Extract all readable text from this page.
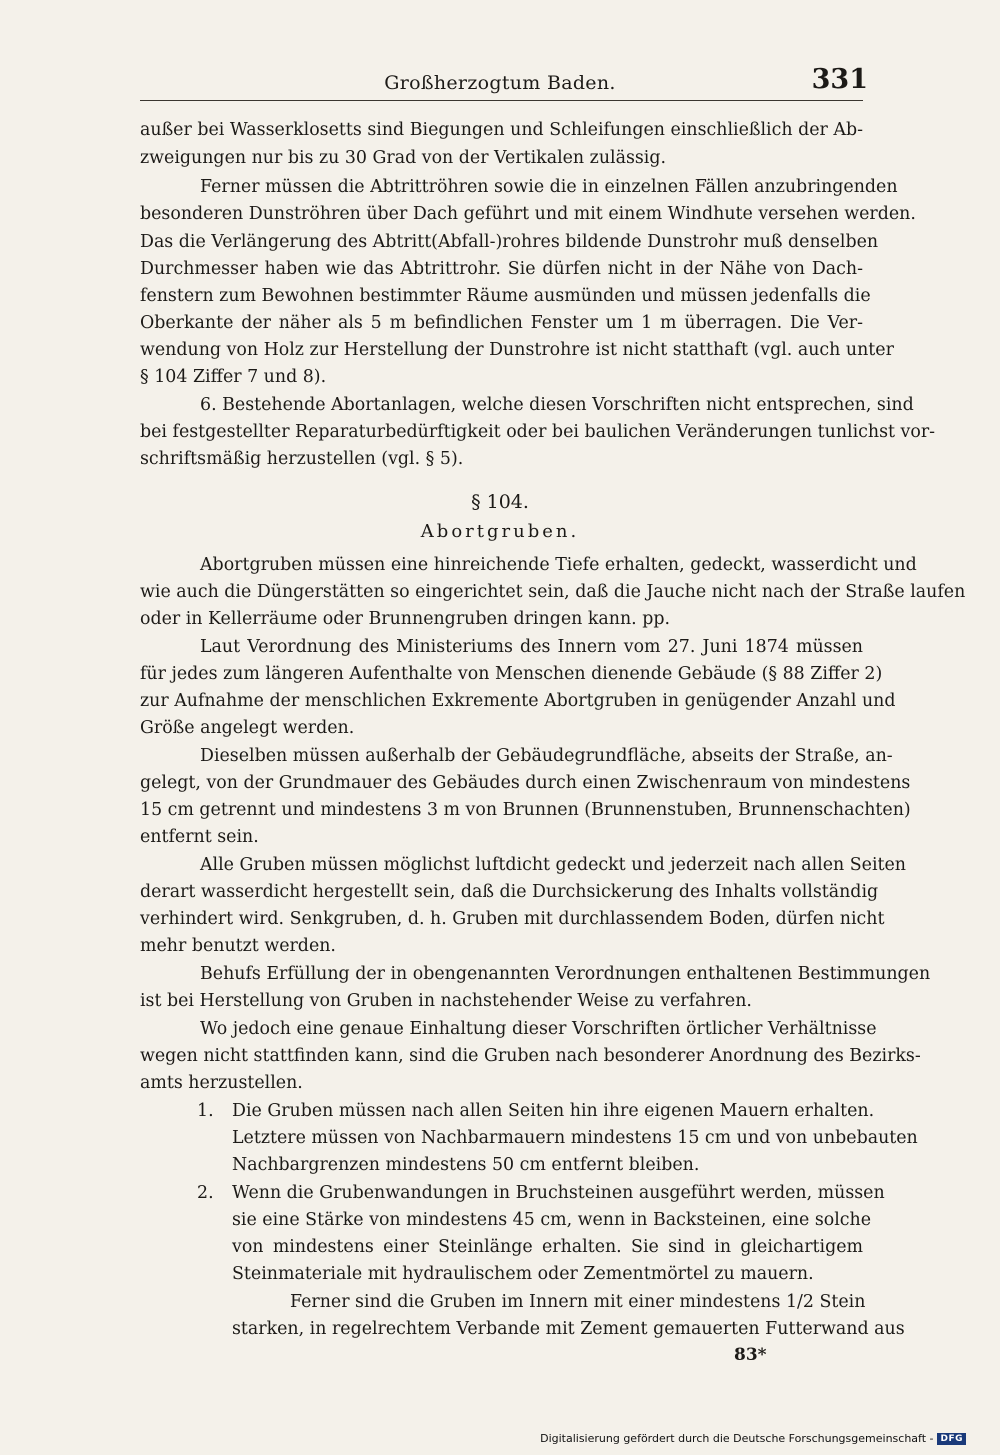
Großherzogtum Baden.	331
außer bei Wasserklosetts sind Biegungen und Schleifungen einschließlich der Ab-
zweigungen nur bis zu 30 Grad von der Vertikalen zulässig.
Ferner müssen die Abtrittröhren sowie die in einzelnen Fällen anzubringenden
besonderen Dunströhren über Dach geführt und mit einem Windhute versehen werden.
Das die Verlängerung des Abtritt(Abfall-)rohres bildende Dunstrohr muß denselben
Durchmesser haben wie das Abtrittrohr. Sie dürfen nicht in der Nähe von Dach-
fenstern zum Bewohnen bestimmter Räume ausmünden und müssen jedenfalls die
Oberkante der näher als 5 m befindlichen Fenster um 1 m überragen. Die Ver-
wendung von Holz zur Herstellung der Dunstrohre ist nicht statthaft (vgl. auch unter
§ 104 Ziffer 7 und 8).
6. Bestehende Abortanlagen, welche diesen Vorschriften nicht entsprechen, sind
bei festgestellter Reparaturbedürftigkeit oder bei baulichen Veränderungen tunlichst vor-
schriftsmäßig herzustellen (vgl. § 5).
§ 104.
Abortgruben.
Abortgruben müssen eine hinreichende Tiefe erhalten, gedeckt, wasserdicht und
wie auch die Düngerstätten so eingerichtet sein, daß die Jauche nicht nach der Straße laufen
oder in Kellerräume oder Brunnengruben dringen kann. pp.
Laut Verordnung des Ministeriums des Innern vom 27. Juni 1874 müssen
für jedes zum längeren Aufenthalte von Menschen dienende Gebäude (§ 88 Ziffer 2)
zur Aufnahme der menschlichen Exkremente Abortgruben in genügender Anzahl und
Größe angelegt werden.
Dieselben müssen außerhalb der Gebäudegrundfläche, abseits der Straße, an-
gelegt, von der Grundmauer des Gebäudes durch einen Zwischenraum von mindestens
15 cm getrennt und mindestens 3 m von Brunnen (Brunnenstuben, Brunnenschachten)
entfernt sein.
Alle Gruben müssen möglichst luftdicht gedeckt und jederzeit nach allen Seiten
derart wasserdicht hergestellt sein, daß die Durchsickerung des Inhalts vollständig
verhindert wird. Senkgruben, d. h. Gruben mit durchlassendem Boden, dürfen nicht
mehr benutzt werden.
Behufs Erfüllung der in obengenannten Verordnungen enthaltenen Bestimmungen
ist bei Herstellung von Gruben in nachstehender Weise zu verfahren.
Wo jedoch eine genaue Einhaltung dieser Vorschriften örtlicher Verhältnisse
wegen nicht stattfinden kann, sind die Gruben nach besonderer Anordnung des Bezirks-
amts herzustellen.
1. Die Gruben müssen nach allen Seiten hin ihre eigenen Mauern erhalten.
Letztere müssen von Nachbarmauern mindestens 15 cm und von unbebauten
Nachbargrenzen mindestens 50 cm entfernt bleiben.
2. Wenn die Grubenwandungen in Bruchsteinen ausgeführt werden, müssen
sie eine Stärke von mindestens 45 cm, wenn in Backsteinen, eine solche
von mindestens einer Steinlänge erhalten. Sie sind in gleichartigem
Steinmateriale mit hydraulischem oder Zementmörtel zu mauern.
Ferner sind die Gruben im Innern mit einer mindestens 1/2 Stein
starken, in regelrechtem Verbande mit Zement gemauerten Futterwand aus
83*
Digitalisierung gefördert durch die Deutsche Forschungsgemeinschaft - DFG
